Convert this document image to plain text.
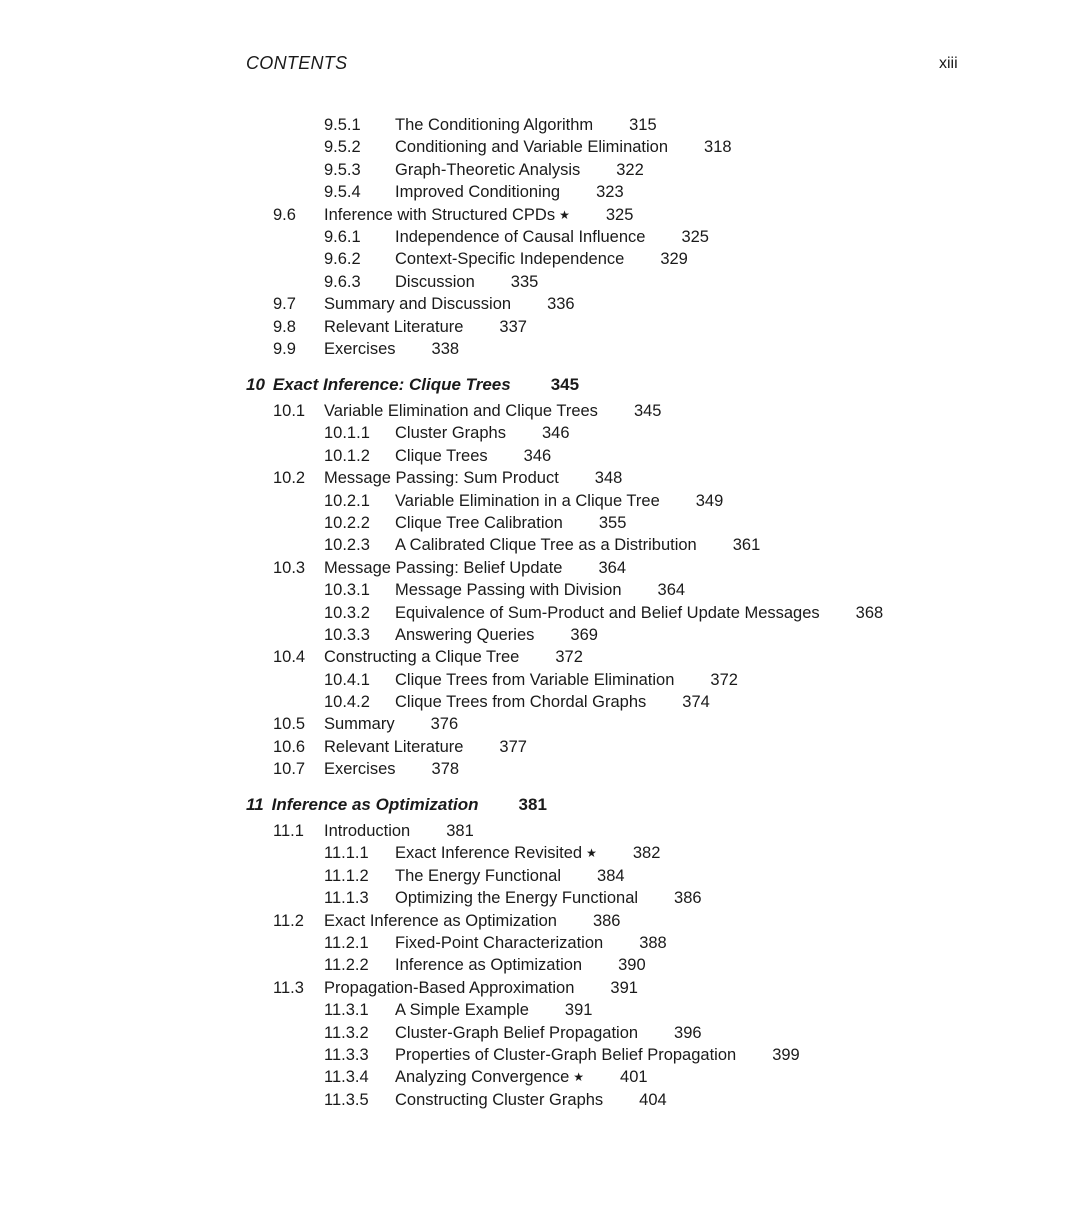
CONTENTS	xiii
9.5.1 The Conditioning Algorithm 315
9.5.2 Conditioning and Variable Elimination 318
9.5.3 Graph-Theoretic Analysis 322
9.5.4 Improved Conditioning 323
9.6 Inference with Structured CPDs ★ 325
9.6.1 Independence of Causal Influence 325
9.6.2 Context-Specific Independence 329
9.6.3 Discussion 335
9.7 Summary and Discussion 336
9.8 Relevant Literature 337
9.9 Exercises 338
10 Exact Inference: Clique Trees 345
10.1 Variable Elimination and Clique Trees 345
10.1.1 Cluster Graphs 346
10.1.2 Clique Trees 346
10.2 Message Passing: Sum Product 348
10.2.1 Variable Elimination in a Clique Tree 349
10.2.2 Clique Tree Calibration 355
10.2.3 A Calibrated Clique Tree as a Distribution 361
10.3 Message Passing: Belief Update 364
10.3.1 Message Passing with Division 364
10.3.2 Equivalence of Sum-Product and Belief Update Messages 368
10.3.3 Answering Queries 369
10.4 Constructing a Clique Tree 372
10.4.1 Clique Trees from Variable Elimination 372
10.4.2 Clique Trees from Chordal Graphs 374
10.5 Summary 376
10.6 Relevant Literature 377
10.7 Exercises 378
11 Inference as Optimization 381
11.1 Introduction 381
11.1.1 Exact Inference Revisited ★ 382
11.1.2 The Energy Functional 384
11.1.3 Optimizing the Energy Functional 386
11.2 Exact Inference as Optimization 386
11.2.1 Fixed-Point Characterization 388
11.2.2 Inference as Optimization 390
11.3 Propagation-Based Approximation 391
11.3.1 A Simple Example 391
11.3.2 Cluster-Graph Belief Propagation 396
11.3.3 Properties of Cluster-Graph Belief Propagation 399
11.3.4 Analyzing Convergence ★ 401
11.3.5 Constructing Cluster Graphs 404
